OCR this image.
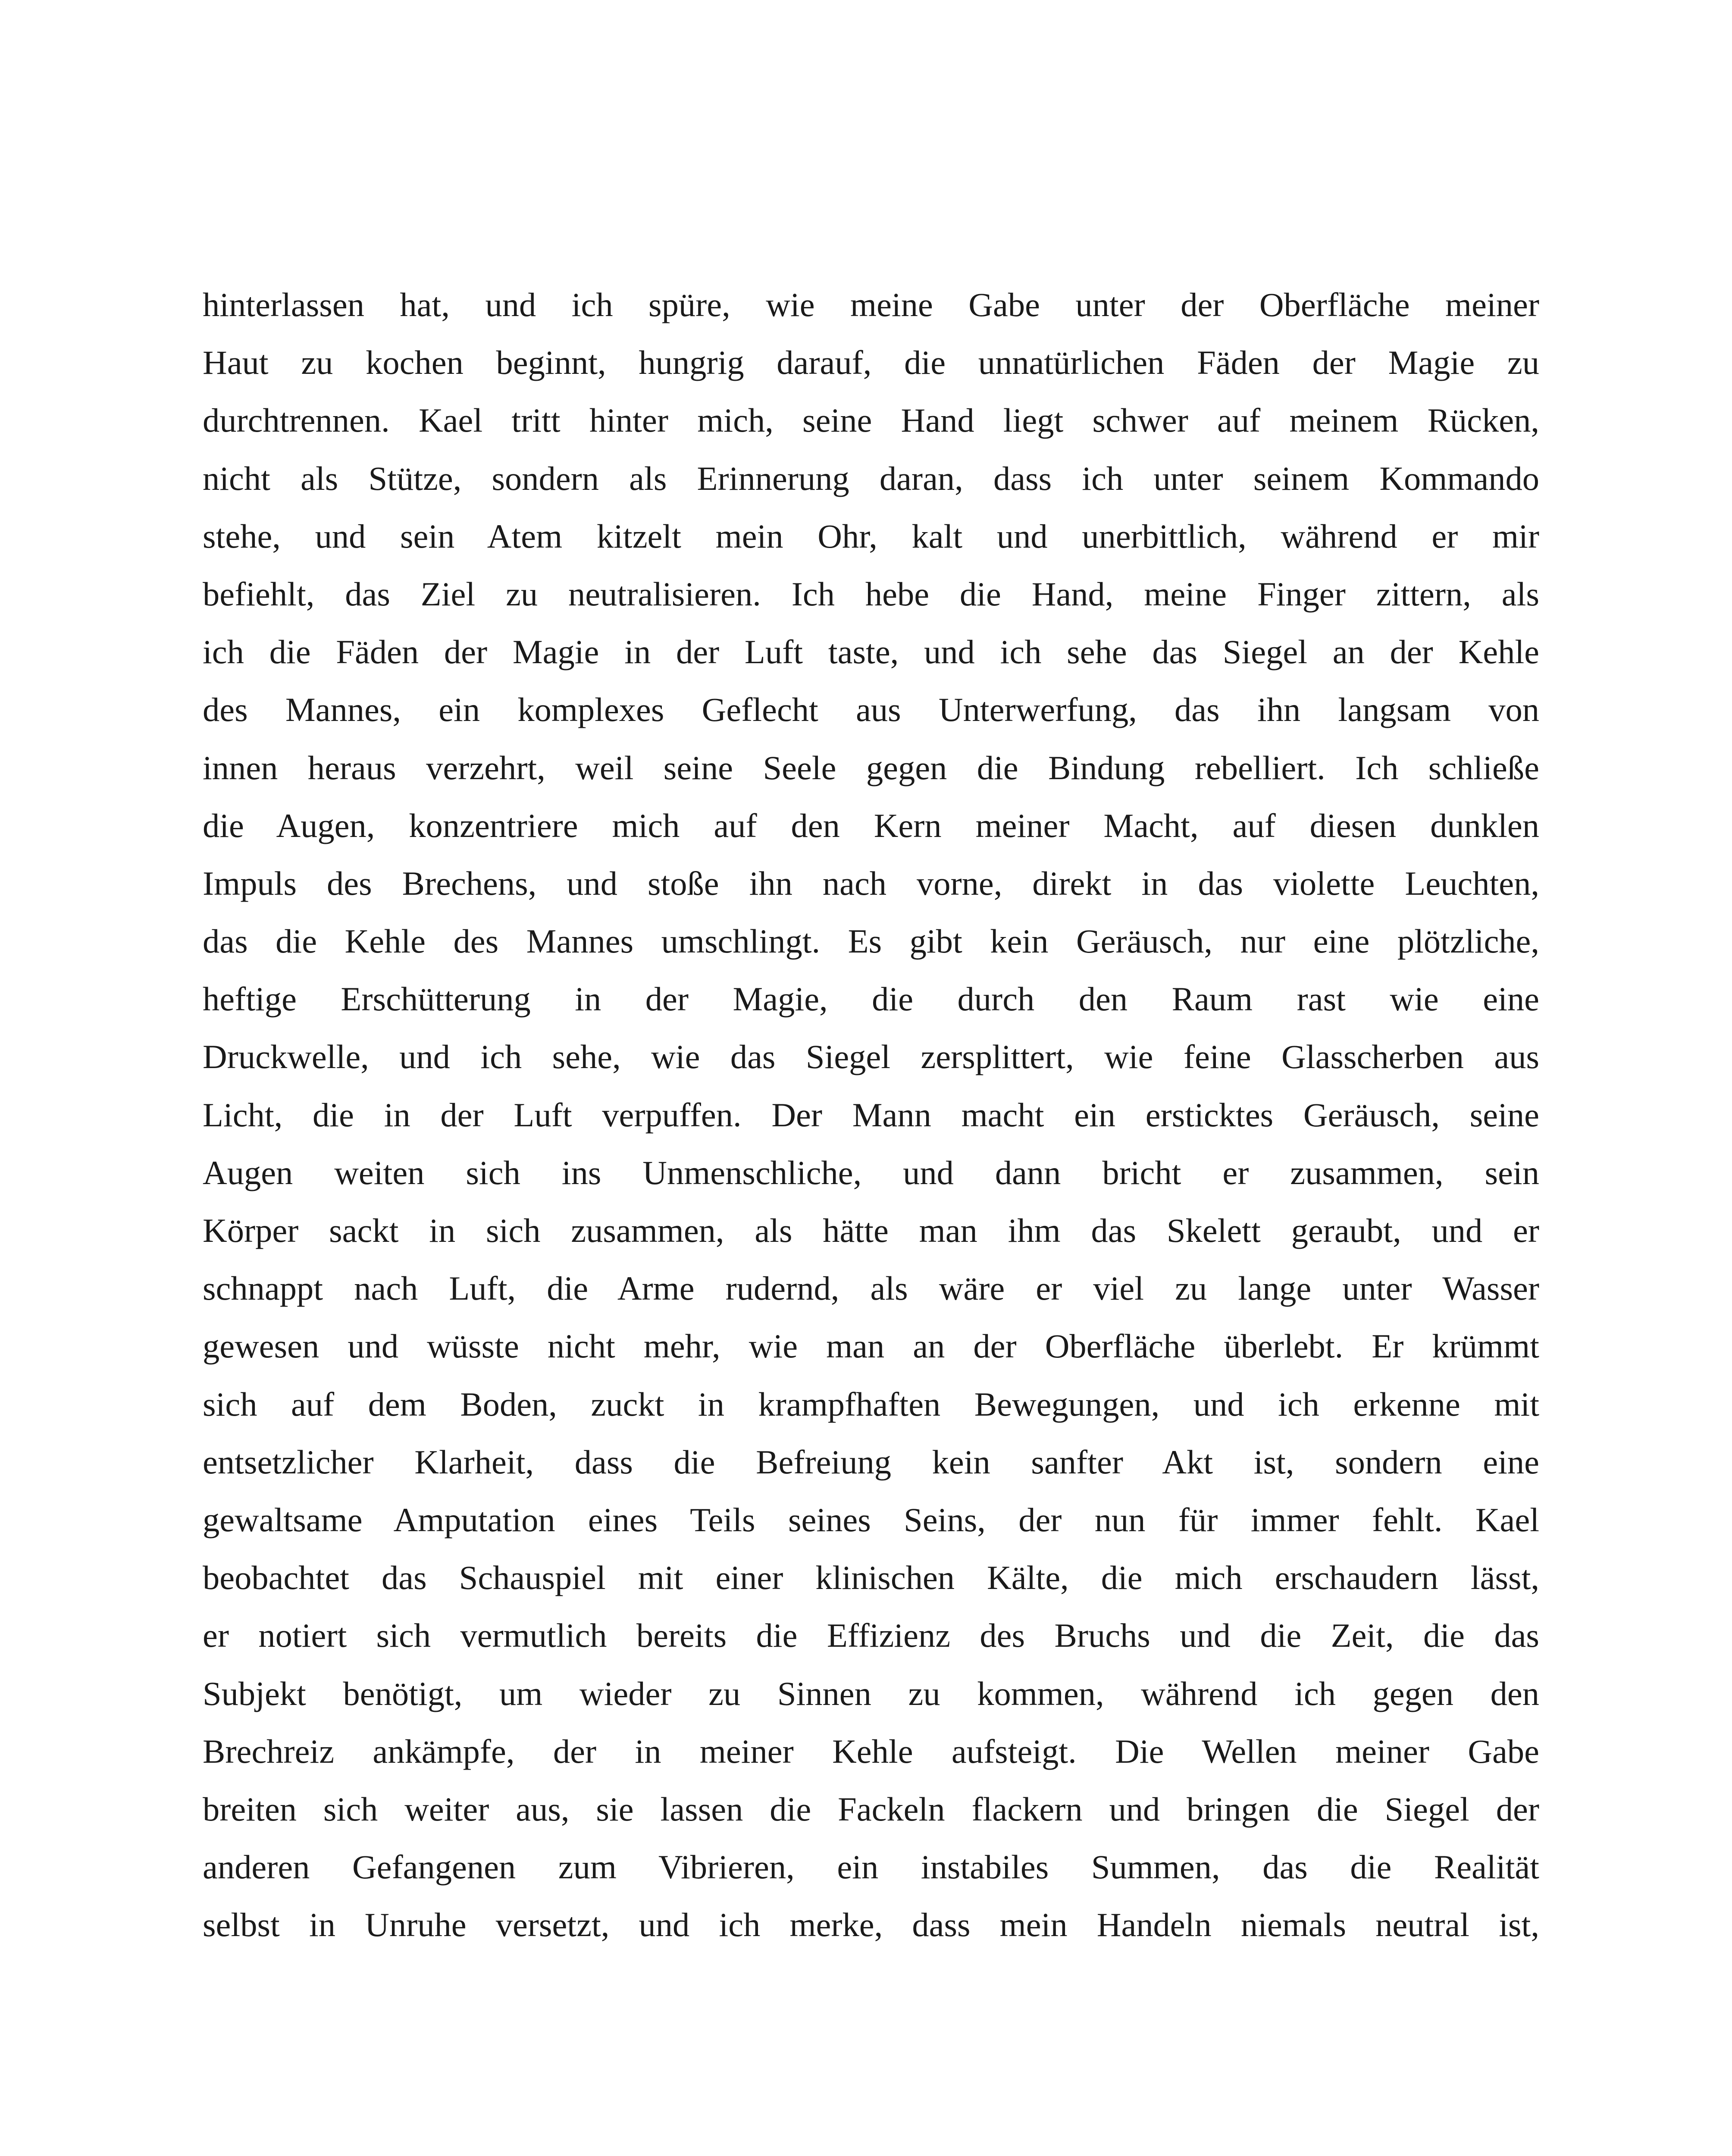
hinterlassen hat, und ich spüre, wie meine Gabe unter der Oberfläche meiner
Haut zu kochen beginnt, hungrig darauf, die unnatürlichen Fäden der Magie zu
durchtrennen. Kael tritt hinter mich, seine Hand liegt schwer auf meinem Rücken,
nicht als Stütze, sondern als Erinnerung daran, dass ich unter seinem Kommando
stehe, und sein Atem kitzelt mein Ohr, kalt und unerbittlich, während er mir
befiehlt, das Ziel zu neutralisieren. Ich hebe die Hand, meine Finger zittern, als
ich die Fäden der Magie in der Luft taste, und ich sehe das Siegel an der Kehle
des Mannes, ein komplexes Geflecht aus Unterwerfung, das ihn langsam von
innen heraus verzehrt, weil seine Seele gegen die Bindung rebelliert. Ich schließe
die Augen, konzentriere mich auf den Kern meiner Macht, auf diesen dunklen
Impuls des Brechens, und stoße ihn nach vorne, direkt in das violette Leuchten,
das die Kehle des Mannes umschlingt. Es gibt kein Geräusch, nur eine plötzliche,
heftige Erschütterung in der Magie, die durch den Raum rast wie eine
Druckwelle, und ich sehe, wie das Siegel zersplittert, wie feine Glasscherben aus
Licht, die in der Luft verpuffen. Der Mann macht ein ersticktes Geräusch, seine
Augen weiten sich ins Unmenschliche, und dann bricht er zusammen, sein
Körper sackt in sich zusammen, als hätte man ihm das Skelett geraubt, und er
schnappt nach Luft, die Arme rudernd, als wäre er viel zu lange unter Wasser
gewesen und wüsste nicht mehr, wie man an der Oberfläche überlebt. Er krümmt
sich auf dem Boden, zuckt in krampfhaften Bewegungen, und ich erkenne mit
entsetzlicher Klarheit, dass die Befreiung kein sanfter Akt ist, sondern eine
gewaltsame Amputation eines Teils seines Seins, der nun für immer fehlt. Kael
beobachtet das Schauspiel mit einer klinischen Kälte, die mich erschaudern lässt,
er notiert sich vermutlich bereits die Effizienz des Bruchs und die Zeit, die das
Subjekt benötigt, um wieder zu Sinnen zu kommen, während ich gegen den
Brechreiz ankämpfe, der in meiner Kehle aufsteigt. Die Wellen meiner Gabe
breiten sich weiter aus, sie lassen die Fackeln flackern und bringen die Siegel der
anderen Gefangenen zum Vibrieren, ein instabiles Summen, das die Realität
selbst in Unruhe versetzt, und ich merke, dass mein Handeln niemals neutral ist,
